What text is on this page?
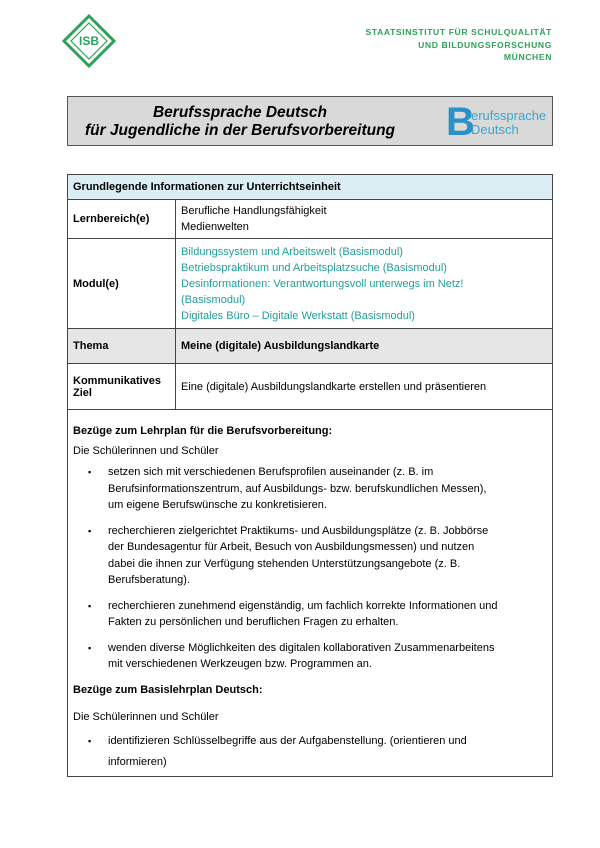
ISB
STAATSINSTITUT FÜR SCHULQUALITÄT
UND BILDUNGSFORSCHUNG
MÜNCHEN
Berufssprache Deutsch
für Jugendliche in der Berufsvorbereitung B
erufssprache
Deutsch
Grundlegende Informationen zur Unterrichtseinheit	
Lernbereich(e)	Berufliche Handlungsfähigkeit
Medienwelten

Modul(e)	Bildungssystem und Arbeitswelt (Basismodul)
Betriebspraktikum und Arbeitsplatzsuche (Basismodul)
Desinformationen: Verantwortungsvoll unterwegs im Netz!
(Basismodul)
Digitales Büro – Digitale Werkstatt (Basismodul)

Thema	Meine (digitale) Ausbildungslandkarte

Kommunikatives
Ziel	Eine (digitale) Ausbildungslandkarte erstellen und präsentieren
Bezüge zum Lehrplan für die Berufsvorbereitung:
Die Schülerinnen und Schüler
▪ setzen sich mit verschiedenen Berufsprofilen auseinander (z. B. im
Berufsinformationszentrum, auf Ausbildungs- bzw. berufskundlichen Messen),
um eigene Berufswünsche zu konkretisieren.
▪ recherchieren zielgerichtet Praktikums- und Ausbildungsplätze (z. B. Jobbörse
der Bundesagentur für Arbeit, Besuch von Ausbildungsmessen) und nutzen
dabei die ihnen zur Verfügung stehenden Unterstützungsangebote (z. B.
Berufsberatung).
▪ recherchieren zunehmend eigenständig, um fachlich korrekte Informationen und
Fakten zu persönlichen und beruflichen Fragen zu erhalten.
▪ wenden diverse Möglichkeiten des digitalen kollaborativen Zusammenarbeitens
mit verschiedenen Werkzeugen bzw. Programmen an.
Bezüge zum Basislehrplan Deutsch:
Die Schülerinnen und Schüler
▪ identifizieren Schlüsselbegriffe aus der Aufgabenstellung. (orientieren und
informieren)
